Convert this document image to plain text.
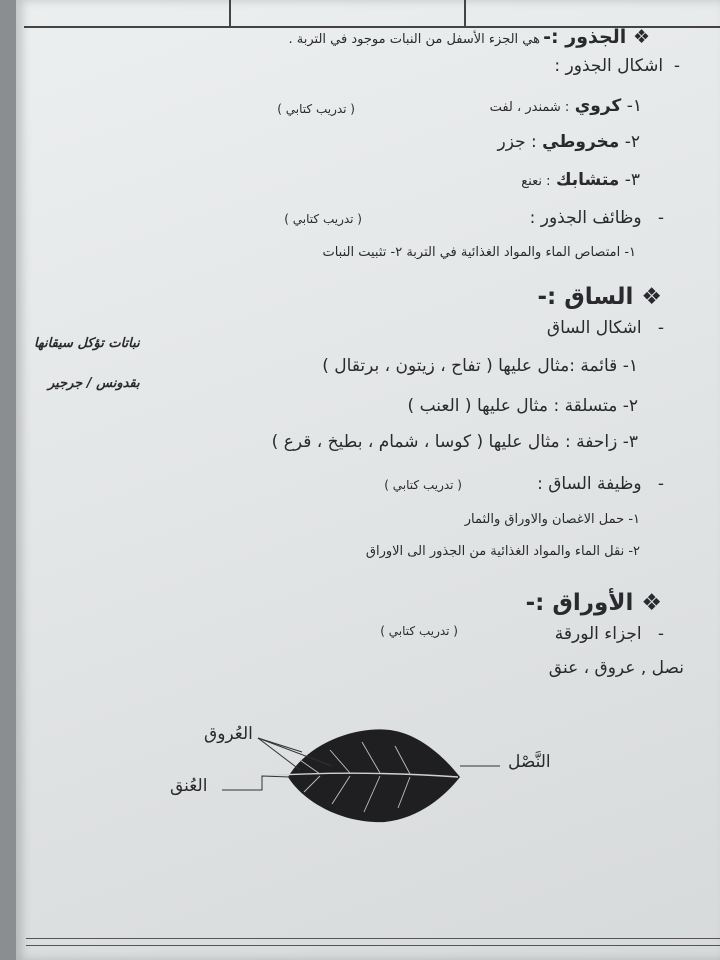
❖ الجذور :-
هي الجزء الأسفل من النبات موجود في التربة .
-  اشكال الجذور :
١- كروي : شمندر ، لفت
( تدريب كتابي )
٢- مخروطي : جزر
٣- متشابك : نعنع
-   وظائف الجذور :
( تدريب كتابي )
١- امتصاص الماء والمواد الغذائية في التربة ٢- تثبيت النبات
❖ الساق :-
-   اشكال الساق
نباتات تؤكل سيقانها
بقدونس / جرجير
١- قائمة :مثال عليها ( تفاح ، زيتون ، برتقال )
٢- متسلقة : مثال عليها ( العنب )
٣- زاحفة : مثال عليها ( كوسا ، شمام ، بطيخ ، قرع )
-   وظيفة الساق :
( تدريب كتابي )
١- حمل الاغصان والاوراق والثمار
٢- نقل الماء والمواد الغذائية من الجذور الى الاوراق
❖ الأوراق :-
-   اجزاء الورقة
( تدريب كتابي )
نصل , عروق ، عنق
العُروق
العُنق
النَّصْل
